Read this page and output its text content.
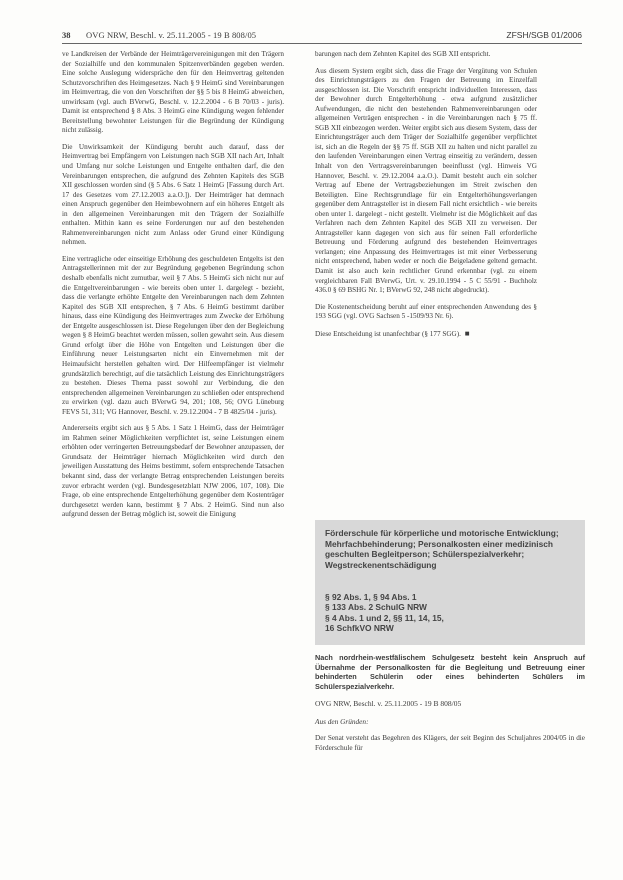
38 OVG NRW, Beschl. v. 25.11.2005 - 19 B 808/05	ZFSH/SGB 01/2006

ve Landkreisen der Verbände der Heimträgervereinigungen mit den Trägern der Sozialhilfe und den kommunalen Spitzenverbänden gegeben werden. Eine solche Auslegung widerspräche den für den Heimvertrag geltenden Schutzvorschriften des Heimgesetzes. Nach § 9 HeimG sind Vereinbarungen im Heimvertrag, die von den Vorschriften der §§ 5 bis 8 HeimG abweichen, unwirksam (vgl. auch BVerwG, Beschl. v. 12.2.2004 - 6 B 70/03 - juris). Damit ist entsprechend § 8 Abs. 3 HeimG eine Kündigung wegen fehlender Bereitstellung bewohnter Leistungen für die Begründung der Kündigung nicht zulässig.

Die Unwirksamkeit der Kündigung beruht auch darauf, dass der Heimvertrag bei Empfängern von Leistungen nach SGB XII nach Art, Inhalt und Umfang nur solche Leistungen und Entgelte enthalten darf, die den Vereinbarungen entsprechen, die aufgrund des Zehnten Kapitels des SGB XII geschlossen worden sind (§ 5 Abs. 6 Satz 1 HeimG [Fassung durch Art. 17 des Gesetzes vom 27.12.2003 a.a.O.]). Der Heimträger hat demnach einen Anspruch gegenüber den Heimbewohnern auf ein höheres Entgelt als in den allgemeinen Vereinbarungen mit den Trägern der Sozialhilfe enthalten. Mithin kann es seine Forderungen nur auf den bestehenden Rahmenvereinbarungen nicht zum Anlass oder Grund einer Kündigung nehmen.

Eine vertragliche oder einseitige Erhöhung des geschuldeten Entgelts ist den Antragstellerinnen mit der zur Begründung gegebenen Begründung schon deshalb ebenfalls nicht zumutbar, weil § 7 Abs. 5 HeimG sich nicht nur auf die Entgeltvereinbarungen - wie bereits oben unter 1. dargelegt - bezieht, dass die verlangte erhöhte Entgelte den Vereinbarungen nach dem Zehnten Kapitel des SGB XII entsprechen, § 7 Abs. 6 HeimG bestimmt darüber hinaus, dass eine Kündigung des Heimvertrages zum Zwecke der Erhöhung der Entgelte ausgeschlossen ist. Diese Regelungen über den der Begleichung wegen § 8 HeimG beachtet werden müssen, sollen gewahrt sein. Aus diesem Grund erfolgt über die Höhe von Entgelten und Leistungen über die Einführung neuer Leistungsarten nicht ein Einvernehmen mit der Heimaufsicht herstellen gehalten wird. Der Hilfeempfänger ist vielmehr grundsätzlich berechtigt, auf die tatsächlich Leistung des Einrichtungsträgers zu bestehen. Dieses Thema passt sowohl zur Verbindung, die den entsprechenden allgemeinen Vereinbarungen zu schließen oder entsprechend zu erwirken (vgl. dazu auch BVerwG 94, 201; 108, 56; OVG Lüneburg FEVS 51, 311; VG Hannover, Beschl. v. 29.12.2004 - 7 B 4825/04 - juris).

Andererseits ergibt sich aus § 5 Abs. 1 Satz 1 HeimG, dass der Heimträger im Rahmen seiner Möglichkeiten verpflichtet ist, seine Leistungen einem erhöhten oder verringerten Betreuungsbedarf der Bewohner anzupassen, der Grundsatz der Heimträger hiernach Möglichkeiten wird durch den jeweiligen Ausstattung des Heims bestimmt, sofern entsprechende Tatsachen bekannt sind, dass der verlangte Betrag entsprechenden Leistungen bereits zuvor erbracht werden (vgl. Bundesgesetzblatt NJW 2006, 107, 108). Die Frage, ob eine entsprechende Entgelterhöhung gegenüber dem Kostenträger durchgesetzt werden kann, bestimmt § 7 Abs. 2 HeimG. Sind nun also aufgrund dessen der Betrag möglich ist, soweit die Einigung

barungen nach dem Zehnten Kapitel des SGB XII entspricht.

Aus diesem System ergibt sich, dass die Frage der Vergütung von Schulen des Einrichtungsträgers zu den Fragen der Betreuung im Einzelfall ausgeschlossen ist. Die Vorschrift entspricht individuellen Interessen, dass der Bewohner durch Entgelterhöhung - etwa aufgrund zusätzlicher Aufwendungen, die nicht den bestehenden Rahmenvereinbarungen oder allgemeinen Verträgen entsprechen - in die Vereinbarungen nach § 75 ff. SGB XII einbezogen werden. Weiter ergibt sich aus diesem System, dass der Einrichtungsträger auch dem Träger der Sozialhilfe gegenüber verpflichtet ist, sich an die Regeln der §§ 75 ff. SGB XII zu halten und nicht parallel zu den laufenden Vereinbarungen einen Vertrag einseitig zu verändern, dessen Inhalt von den Vertragsvereinbarungen beeinflusst (vgl. Hinweis VG Hannover, Beschl. v. 29.12.2004 a.a.O.). Damit besteht auch ein solcher Vertrag auf Ebene der Vertragsbeziehungen im Streit zwischen den Beteiligten. Eine Rechtsgrundlage für ein Entgelterhöhungsverlangen gegenüber dem Antragsteller ist in diesem Fall nicht ersichtlich - wie bereits oben unter 1. dargelegt - nicht gestellt. Vielmehr ist die Möglichkeit auf das Verfahren nach dem Zehnten Kapitel des SGB XII zu verweisen. Der Antragsteller kann dagegen von sich aus für seinen Fall erforderliche Betreuung und Förderung aufgrund des bestehenden Heimvertrages verlangen; eine Anpassung des Heimvertrages ist mit einer Verbesserung nicht entsprechend, haben weder er noch die Beigeladene geltend gemacht. Damit ist also auch kein rechtlicher Grund erkennbar (vgl. zu einem vergleichbaren Fall BVerwG, Urt. v. 29.10.1994 - 5 C 55/91 - Buchholz 436.0 § 69 BSHG Nr. 1; BVerwG 92, 248 nicht abgedruckt).

Die Kostenentscheidung beruht auf einer entsprechenden Anwendung des § 193 SGG (vgl. OVG Sachsen 5 -1509/93 Nr. 6).

Diese Entscheidung ist unanfechtbar (§ 177 SGG). ■

Förderschule für körperliche und motorische Entwicklung; Mehrfachbehinderung; Personalkosten einer medizinisch geschulten Begleitperson; Schülerspezialverkehr; Wegstreckenentschädigung
§ 92 Abs. 1, § 94 Abs. 1
§ 133 Abs. 2 SchulG NRW
§ 4 Abs. 1 und 2, §§ 11, 14, 15,
16 SchfkVO NRW

Nach nordrhein-westfälischem Schulgesetz besteht kein Anspruch auf Übernahme der Personalkosten für die Begleitung und Betreuung einer behinderten Schülerin oder eines behinderten Schülers im Schülerspezialverkehr.

OVG NRW, Beschl. v. 25.11.2005 - 19 B 808/05

Aus den Gründen:

Der Senat versteht das Begehren des Klägers, der seit Beginn des Schuljahres 2004/05 in die Förderschule für
